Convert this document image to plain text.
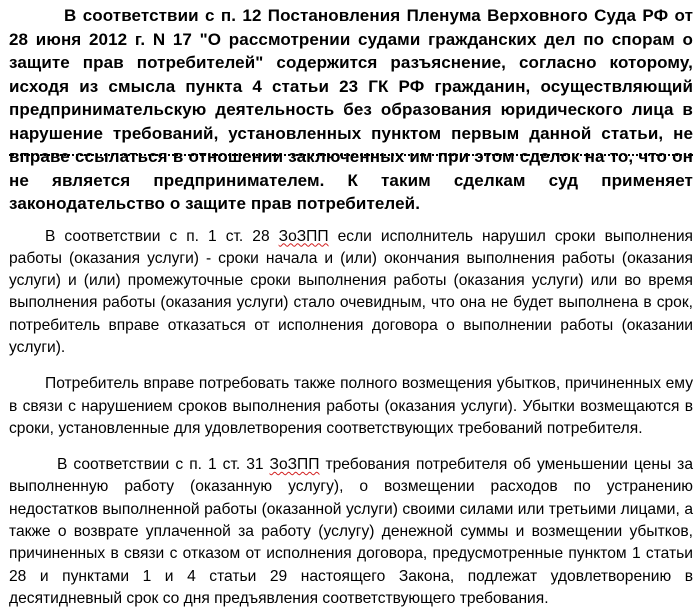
В соответствии с п. 12 Постановления Пленума Верховного Суда РФ от 28 июня 2012 г. N 17 "О рассмотрении судами гражданских дел по спорам о защите прав потребителей" содержится разъяснение, согласно которому, исходя из смысла пункта 4 статьи 23 ГК РФ гражданин, осуществляющий предпринимательскую деятельность без образования юридического лица в нарушение требований, установленных пунктом первым данной статьи, не вправе ссылаться в отношении заключенных им при этом сделок на то, что он не является предпринимателем. К таким сделкам суд применяет законодательство о защите прав потребителей.

В соответствии с п. 1 ст. 28 ЗоЗПП если исполнитель нарушил сроки выполнения работы (оказания услуги) - сроки начала и (или) окончания выполнения работы (оказания услуги) и (или) промежуточные сроки выполнения работы (оказания услуги) или во время выполнения работы (оказания услуги) стало очевидным, что она не будет выполнена в срок, потребитель вправе отказаться от исполнения договора о выполнении работы (оказании услуги).

Потребитель вправе потребовать также полного возмещения убытков, причиненных ему в связи с нарушением сроков выполнения работы (оказания услуги). Убытки возмещаются в сроки, установленные для удовлетворения соответствующих требований потребителя.

В соответствии с п. 1 ст. 31 ЗоЗПП требования потребителя об уменьшении цены за выполненную работу (оказанную услугу), о возмещении расходов по устранению недостатков выполненной работы (оказанной услуги) своими силами или третьими лицами, а также о возврате уплаченной за работу (услугу) денежной суммы и возмещении убытков, причиненных в связи с отказом от исполнения договора, предусмотренные пунктом 1 статьи 28 и пунктами 1 и 4 статьи 29 настоящего Закона, подлежат удовлетворению в десятидневный срок со дня предъявления соответствующего требования.
